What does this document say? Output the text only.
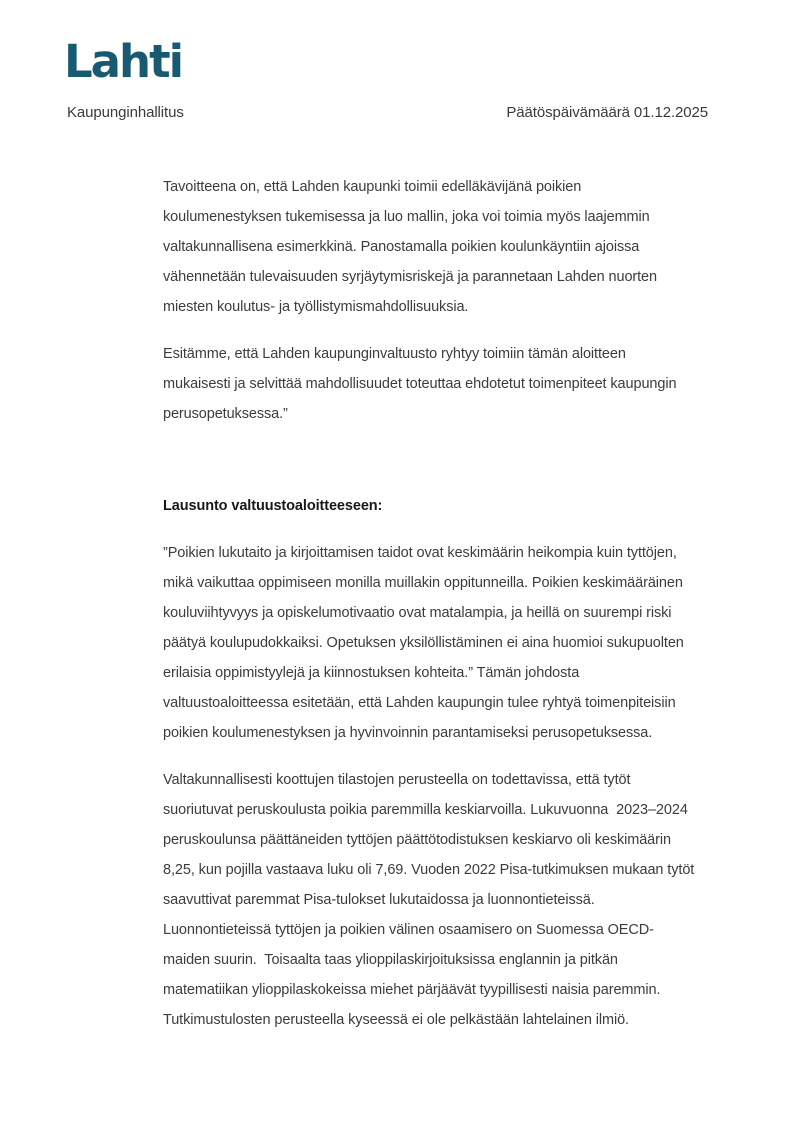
Lahti
Kaupunginhallitus	Päätöspäivämäärä 01.12.2025
Tavoitteena on, että Lahden kaupunki toimii edelläkävijänä poikien
koulumenestyksen tukemisessa ja luo mallin, joka voi toimia myös laajemmin
valtakunnallisena esimerkkinä. Panostamalla poikien koulunkäyntiin ajoissa
vähennetään tulevaisuuden syrjäytymisriskejä ja parannetaan Lahden nuorten
miesten koulutus- ja työllistymismahdollisuuksia.
Esitämme, että Lahden kaupunginvaltuusto ryhtyy toimiin tämän aloitteen
mukaisesti ja selvittää mahdollisuudet toteuttaa ehdotetut toimenpiteet kaupungin
perusopetuksessa.”
Lausunto valtuustoaloitteeseen:
”Poikien lukutaito ja kirjoittamisen taidot ovat keskimäärin heikompia kuin tyttöjen,
mikä vaikuttaa oppimiseen monilla muillakin oppitunneilla. Poikien keskimääräinen
kouluviihtyvyys ja opiskelumotivaatio ovat matalampia, ja heillä on suurempi riski
päätyä koulupudokkaiksi. Opetuksen yksilöllistäminen ei aina huomioi sukupuolten
erilaisia oppimistyylejä ja kiinnostuksen kohteita.” Tämän johdosta
valtuustoaloitteessa esitetään, että Lahden kaupungin tulee ryhtyä toimenpiteisiin
poikien koulumenestyksen ja hyvinvoinnin parantamiseksi perusopetuksessa.
Valtakunnallisesti koottujen tilastojen perusteella on todettavissa, että tytöt
suoriutuvat peruskoulusta poikia paremmilla keskiarvoilla. Lukuvuonna  2023–2024
peruskoulunsa päättäneiden tyttöjen päättötodistuksen keskiarvo oli keskimäärin
8,25, kun pojilla vastaava luku oli 7,69. Vuoden 2022 Pisa-tutkimuksen mukaan tytöt
saavuttivat paremmat Pisa-tulokset lukutaidossa ja luonnontieteissä.
Luonnontieteissä tyttöjen ja poikien välinen osaamisero on Suomessa OECD-
maiden suurin.  Toisaalta taas ylioppilaskirjoituksissa englannin ja pitkän
matematiikan ylioppilaskokeissa miehet pärjäävät tyypillisesti naisia paremmin.
Tutkimustulosten perusteella kyseessä ei ole pelkästään lahtelainen ilmiö.
